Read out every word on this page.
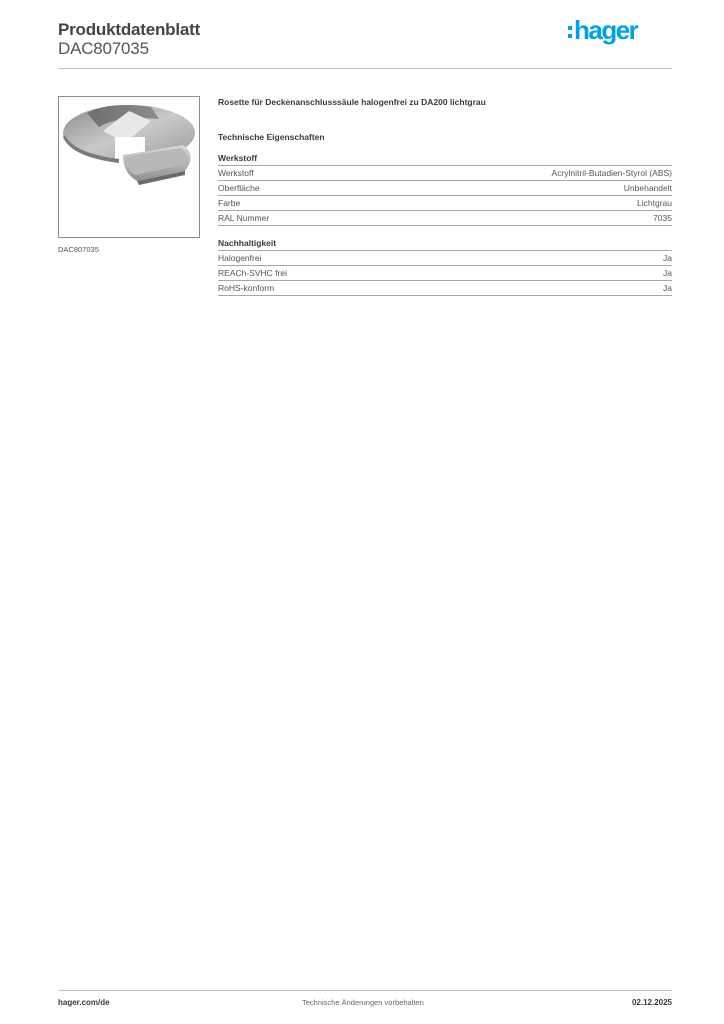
Produktdatenblatt
DAC807035
hager
DAC807035
Rosette für Deckenanschlusssäule halogenfrei zu DA200 lichtgrau
Technische Eigenschaften
Werkstoff
Werkstoff	Acrylnitril-Butadien-Styrol (ABS)
Oberfläche	Unbehandelt
Farbe	Lichtgrau
RAL Nummer	7035
Nachhaltigkeit
Halogenfrei	Ja
REACh-SVHC frei	Ja
RoHS-konform	Ja
hager.com/de	Technische Änderungen vorbehalten	02.12.2025
